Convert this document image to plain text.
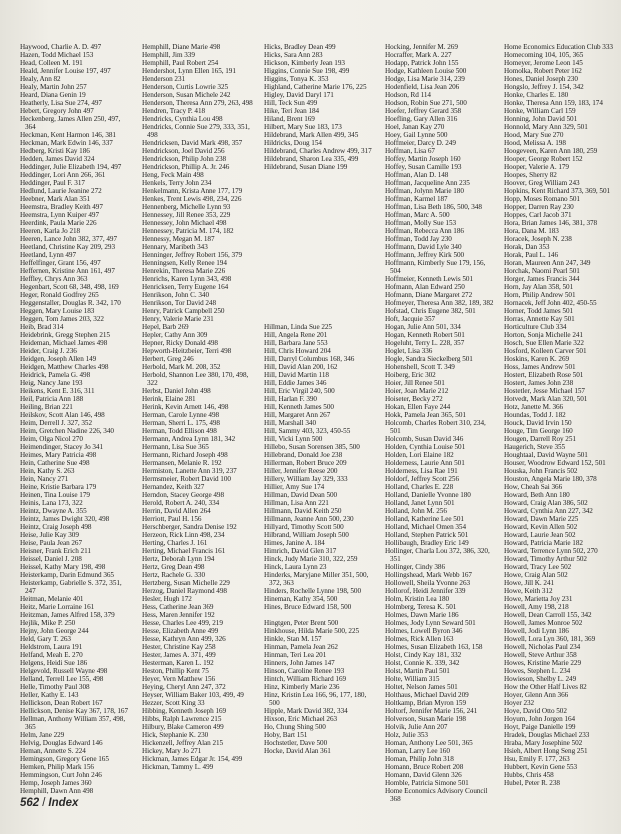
Haywood, Charlie A. D. 497
Hazen, Todd Michael 153
Head, Colleen M. 191
Heald, Jennifer Louise 197, 497
Healy, Ann 82
Healy, Martin John 257
Heard, Diana Genin 19
Heatherly, Lisa Sue 274, 497
Hebert, Gregory John 497
Heckenberg, James Allen 250, 497, 364
Heckman, Kent Harmon 146, 381
Heckman, Mark Edwin 146, 337
Hedberg, Kristi Kay 186
Hedden, James David 324
Heddinger, Julie Elizabeth 194, 497
Heddinger, Lori Ann 266, 361
Heddinger, Paul F. 317
Hedlund, Laurie Jeanine 272
Heebner, Mark Alan 351
Heemstra, Bradley Keith 497
Heemstra, Lynn Kuiper 497
Heerdink, Paula Marie 226
Heeren, Karla Jo 218
Heeren, Lance John 382, 377, 497
Heetland, Christine Kay 209, 293
Heetland, Lynn 497
Heffelfinger, Grant 156, 497
Heffernen, Kristine Ann 161, 497
Heffley, Chrys Ann 363
Hegenbart, Scott 68, 348, 498, 169
Heger, Ronald Godfrey 265
Heggenstaller, Douglas R. 342, 170
Heggen, Mary Louise 183
Heggen, Tom James 203, 322
Heib, Brad 314
Heidebrink, Gregg Stephen 215
Heideman, Michael James 498
Heider, Craig J. 236
Heidgen, Joseph Allen 149
Heidgen, Matthew Charles 498
Heidrick, Pamela G. 498
Heig, Nancy Jane 193
Heikens, Kent E. 316, 311
Heil, Patricia Ann 188
Heiling, Brian 221
Heilskov, Scott Alan 146, 498
Heim, Derrell J. 327, 352
Heim, Gretchen Nadine 226, 340
Heim, Olga Nicol 270
Heimendinger, Stacey Jo 341
Heimes, Mary Patricia 498
Hein, Catherine Sue 498
Hein, Kathy S. 263
Hein, Nancy 271
Heine, Kristie Barbara 179
Heinen, Tina Louise 179
Heinis, Lana 173, 322
Heintz, Dwayne A. 355
Heintz, James Dwight 320, 498
Heintz, Craig Joseph 498
Heise, Julie Kay 309
Heise, Paula Jean 267
Heisner, Frank Erich 211
Heissel, Daniel J. 208
Heissel, Kathy Mary 198, 498
Heisterkamp, Darin Edmund 365
Heisterkamp, Gabrielle S. 372, 351, 247
Heitman, Melanie 401
Heitz, Marie Lorraine 161
Heitzman, James Alfred 158, 379
Hejlik, Mike P. 250
Hejny, John George 244
Held, Gary T. 263
Heldstrom, Laura 191
Helfand, Meah E. 270
Helgens, Heidi Sue 186
Helgevold, Russell Wayne 498
Helland, Terrell Lee 155, 498
Helle, Timothy Paul 308
Heller, Kathy E. 143
Hellickson, Dean Robert 167
Hellickson, Denise Kay 367, 178, 167
Hellman, Anthony William 357, 498, 365
Helm, Jane 229
Helvig, Douglas Edward 146
Heman, Annette S. 224
Hemingson, Gregory Gene 165
Hemken, Philip Mark 156
Hemmingson, Curt John 246
Hemp, Joseph James 360
Hemphill, Dawn Ann 498
Hemphill, Diane Marie 498
Hemphill, Jim 339
Hemphill, Paul Robert 254
Hendershot, Lynn Ellen 165, 191
Henderson 231
Henderson, Curtis Lowrie 325
Henderson, Susan Michele 242
Henderson, Theresa Ann 279, 263, 498
Hendren, Tracy P. 418
Hendricks, Cynthia Lou 498
Hendricks, Connie Sue 279, 333, 351, 498
Hendricksen, David Mark 498, 357
Hendrickson, Joel David 256
Hendrickson, Philip John 238
Hendrickson, Phillip A. Jr. 246
Heng, Feck Main 498
Henkels, Terry John 234
Henkelmann, Krista Anne 177, 179
Henkes, Trent Lewis 498, 234, 226
Hennenberg, Michelle Lynn 93
Hennessey, Jill Renee 353, 229
Hennessey, John Michael 498
Hennessey, Patricia M. 174, 182
Hennessy, Megan M. 187
Hennary, Maribeth 343
Henninger, Jeffrey Robert 156, 379
Henningsen, Kelly Renee 194
Henrekin, Theresa Marie 226
Henrichs, Karen Lynn 343, 498
Henricksen, Terry Eugene 164
Henrikson, John C. 340
Henrikson, Tor David 248
Henry, Patrick Campbell 250
Henry, Valerie Marie 231
Hepel, Barb 269
Hepler, Cathy Ann 309
Hepner, Ricky Donald 498
Hepworth-Heitzbeier, Terri 498
Herbert, Greg 246
Herbold, Mark M. 208, 352
Herbold, Shannon Lee 380, 170, 498, 322
Herbst, Daniel John 498
Herink, Elaine 281
Herink, Kevin Arnett 146, 498
Herman, Carole Lynne 498
Herman, Sherri L. 175, 498
Herman, Todd Ellison 498
Hermann, Andrea Lynn 181, 342
Hermann, Lisa Sue 365
Hermann, Richard Joseph 498
Hermansen, Melanie R. 192
Hermiston, Lanette Ann 319, 237
Hermsmeier, Robert David 100
Hernandez, Keith 327
Herndon, Stacey George 498
Herold, Robert A. 240, 334
Herrin, David Allen 264
Herriott, Paul H. 156
Herschberger, Sandra Denise 192
Herzeon, Rick Linn 498, 234
Herting, Charles J. 161
Herting, Michael Francis 161
Hertz, Deborah Lynn 194
Hertz, Greg Dean 498
Hertz, Rachele G. 330
Hertzberg, Susan Michelle 229
Herzog, Daniel Raymond 498
Hesler, Hugh 172
Hess, Catherine Jean 369
Hess, Maren Jennifer 192
Hesse, Charles Lee 499, 219
Hesse, Elizabeth Anne 499
Hesse, Kathryn Ann 499, 326
Hester, Christine Kay 258
Hester, James A. 371, 499
Hesterman, Karen L. 192
Heston, Phillip Kent 75
Heyer, Vern Matthew 156
Heying, Cheryl Ann 247, 372
Heyser, William Baker 103, 499, 49
Hezzer, Scott King 33
Hibbing, Kenneth Joseph 169
Hibbs, Ralph Lawrence 215
Hilbury, Blake Cameron 499
Hick, Stephanie K. 230
Hickenzell, Jeffrey Alan 215
Hickey, Mary Jo 271
Hickman, James Edgar Jr. 154, 499
Hickman, Tammy L. 499
Hicks, Bradley Dean 499
Hicks, Sara Ann 283
Hickson, Kimberly Jean 193
Higgins, Connie Sue 198, 499
Higgins, Tonya K. 353
Highland, Catherine Marie 176, 225
Higley, David Daryl 171
Hill, Teck Sun 499
Hike, Teri Jean 184
Hiland, Brent 169
Hilbert, Mary Sue 183, 173
Hildebrand, Mark Allen 499, 345
Hildricks, Doug 154
Hildebrand, Charles Andrew 499, 317
Hildebrand, Sharon Lea 335, 499
Hildebrand, Susan Diane 199
Hillman, Linda Sue 225
Hill, Angela Rene 201
Hill, Barbara Jane 553
Hill, Chris Howard 204
Hill, Darryl Columbus 168, 346
Hill, David Alan 200, 162
Hill, David Martin 118
Hill, Eddie James 346
Hill, Eric Virgil 240, 500
Hill, Harlan F. 390
Hill, Kenneth James 500
Hill, Margaret Ann 267
Hill, Marshall 340
Hill, Sammy 403, 323, 450-55
Hill, Vicki Lynn 500
Hillebo, Susan Sorensen 385, 500
Hillebrand, Donald Joe 238
Hillerman, Robert Bruce 209
Hiller, Jennifer Reese 200
Hillery, William Jay 329, 333
Hillier, Amy Sue 174
Hillman, David Dean 500
Hillman, Lisa Ann 221
Hillmann, David Keith 250
Hillmann, Jeanne Ann 500, 230
Hillyard, Timothy Scott 500
Hilbrand, William Joseph 500
Himes, Janine A. 184
Himrich, David Glen 317
Hinck, Judy Marie 310, 322, 259
Hinck, Laura Lynn 23
Hinderks, Maryjane Miller 351, 500, 372, 363
Hinders, Rochelle Lynne 198, 500
Hineman, Kathy 354, 500
Hines, Bruce Edward 158, 500
Hingtgen, Peter Brent 500
Hinkhouse, Hilda Marie 500, 225
Hinkle, Stan M. 157
Hinman, Pamela Jean 262
Hinman, Teri Lea 201
Hinners, John James 147
Hinson, Caroline Renee 193
Hintch, William Richard 169
Hinz, Kimberly Marie 236
Hinz, Kristin Lea 166, 96, 177, 180, 500
Hipple, Mark David 382, 334
Hixson, Eric Michael 263
Ho, Chung Shing 500
Hoby, Bart 151
Hochstetler, Dave 500
Hocke, David Alan 361
Hocking, Jennifer M. 269
Hocraffer, Mark A. 227
Hodapp, Patrick John 155
Hodge, Kathleen Louise 500
Hodge, Lisa Marie 314, 239
Hodenfield, Lisa Jean 206
Hodson, Rd 114
Hodson, Robin Sue 271, 500
Hoefer, Jeffrey Gerard 358
Hoefling, Gary Allen 316
Hoel, Janan Kay 270
Hoey, Gail Lynne 500
Hoffmeier, Darcy D. 249
Hoffman, Lisa 67
Hoffey, Martin Joseph 160
Hoffey, Susan Camille 193
Hoffman, Alan D. 148
Hoffman, Jacqueline Ann 235
Hoffman, Jolynn Marie 180
Hoffman, Karmel 187
Hoffman, Lisa Beth 186, 500, 348
Hoffman, Marc A. 500
Hoffman, Molly Sue 153
Hoffman, Rebecca Ann 186
Hoffman, Todd Jay 230
Hoffmann, David Lyle 340
Hoffmann, Jeffrey Kirk 500
Hoffmann, Kimberly Sue 179, 156, 504
Hoffmeier, Kenneth Lewis 501
Hofmann, Alan Edward 250
Hofmann, Diane Margaret 272
Hofmeyer, Theresa Ann 382, 189, 382
Hofstad, Chris Eugene 382, 501
Hoft, Jacquie 357
Hogan, Julie Ann 501, 334
Hogan, Kenneth Robert 501
Hogeluht, Terry L. 228, 357
Hoglet, Lisa 336
Hogle, Sandra Sieckelberg 501
Hohenshell, Scott T. 349
Hoiberg, Eric 302
Hoier, Jill Renee 501
Hoier, Joan Marie 212
Hoiseter, Becky 272
Hokan, Ellen Faye 244
Hokk, Pamela Jean 365, 501
Holcomb, Charles Robert 310, 234, 501
Holcomb, Susan David 346
Holden, Cynthia Louise 501
Holden, Lori Elaine 182
Holderness, Laurie Ann 501
Holderness, Lisa Rae 191
Holdorf, Jeffrey Scott 256
Holland, Charles E. 228
Holland, Danielle Yvonne 180
Holland, Janet Lynn 501
Holland, John M. 256
Holland, Katherine Lee 501
Holland, Michael Omen 354
Holland, Stephen Patrick 501
Hollibaugh, Bradley Eric 149
Hollinger, Charla Lou 372, 386, 320, 351
Hollinger, Cindy 386
Hollingshead, Mark Webb 167
Hollowell, Sheila Yvonne 263
Hollorof, Heidi Jennifer 339
Holm, Kristin Lea 180
Holmberg, Teresa K. 501
Holmes, Dawn Marie 186
Holmes, Jody Lynn Seward 501
Holmes, Lowell Byron 346
Holmes, Rick Allen 163
Holmes, Susan Elizabeth 163, 158
Holst, Cindy Kay 181, 332
Holst, Connie K. 339, 342
Holst, Martin Paul 501
Holte, William 315
Holtet, Nelson James 501
Holthaus, Michael David 209
Holtkamp, Brian Myron 159
Holtorf, Jennifer Marie 156, 241
Holverson, Susan Marie 198
Holvik, Julie Ann 207
Holz, Julie 353
Homan, Anthony Lee 501, 365
Homan, Larry Lee 160
Homan, Philip John 318
Homann, Bruce Robert 208
Homann, David Glenn 326
Homble, Patricia Simone 501
Home Economics Advisory Council 368
Home Economics Education Club 333
Homecoming 104, 105, 365
Homeyer, Jerome Leon 145
Homolka, Robert Peter 162
Hones, Daniel Joseph 230
Hongslo, Jeffrey J. 154, 342
Honke, Charles E. 180
Honke, Theresa Ann 159, 183, 174
Honke, William Carl 159
Honning, John David 501
Honnold, Mary Ann 329, 501
Hood, Mary Sue 270
Hood, Melissa A. 198
Hoogeveen, Karen Ann 180, 259
Hooper, George Robert 152
Hooper, Valerie A. 179
Hoopes, Sherry 82
Hoover, Greg William 243
Hopkins, Kent Richard 373, 369, 501
Hopp, Moses Romano 501
Hopper, Darren Ray 230
Hoppes, Carl Jacob 371
Hora, Brian James 146, 381, 378
Hora, Dana M. 183
Horacek, Joseph N. 238
Horak, Dan 353
Horak, Paul L. 146
Horan, Maureen Ann 247, 349
Horchak, Naomi Pearl 501
Horger, James Francis 344
Horn, Jay Alan 358, 501
Horn, Philip Andrew 501
Hornacek, Jeff John 402, 450-55
Horner, Todd James 501
Horras, Annette Kay 501
Horticulture Club 334
Horton, Sonja Michelle 241
Hosch, Sue Ellen Marie 322
Hosford, Kolleen Carver 501
Hoskins, Karen K. 269
Hoss, James Andrew 501
Hostert, Elizabeth Rose 501
Hostert, James John 238
Hostetler, Jesse Michael 157
Hotvedt, Mark Alan 320, 501
Hotz, Janette M. 366
Houndas, Todd J. 182
Houck, David Irvin 150
Houge, Tim George 160
Hougen, Darrell Roy 251
Haugerich, Steve 355
Houghtaal, David Wayne 501
Houser, Woodrow Edward 152, 501
Houska, John Francis 502
Houston, Angela Marie 180, 378
How, Cheah Sai 366
Howard, Beth Ann 180
Howard, Craig Alan 386, 502
Howard, Cynthia Ann 227, 342
Howard, Dawn Marie 225
Howard, Kevin Allen 502
Howard, Laurie Jean 502
Howard, Patricia Marie 182
Howard, Terrence Lynn 502, 270
Howard, Timothy Arthur 502
Howard, Tracy Lee 502
Howe, Craig Alan 502
Howe, Jill K. 241
Howe, Keith 312
Howe, Marietta Joy 231
Howell, Amy 198, 218
Howell, Dean Carroll 155, 342
Howell, James Monroe 502
Howell, Jodi Lynn 186
Howell, Lora Lyn 360, 181, 369
Howell, Nicholas Paul 234
Howell, Steve Arthur 358
Howes, Kristine Marie 229
Howes, Stephen L. 234
Howieson, Shelby L. 249
How the Other Half Lives 82
Hoyer, Glenn Ann 366
Hoyer 232
Hoye, David Otto 502
Hoyum, John Jorgen 164
Hoyt, Paige Danielle 199
Hradek, Douglas Michael 233
Hraba, Mary Josephine 502
Hsieh, Albert Hong Seng 251
Hsu, Emily F. 177, 263
Hubbert, Kevin Gene 553
Hubbs, Chris 458
Hubel, Peter R. 238
562 / Index
